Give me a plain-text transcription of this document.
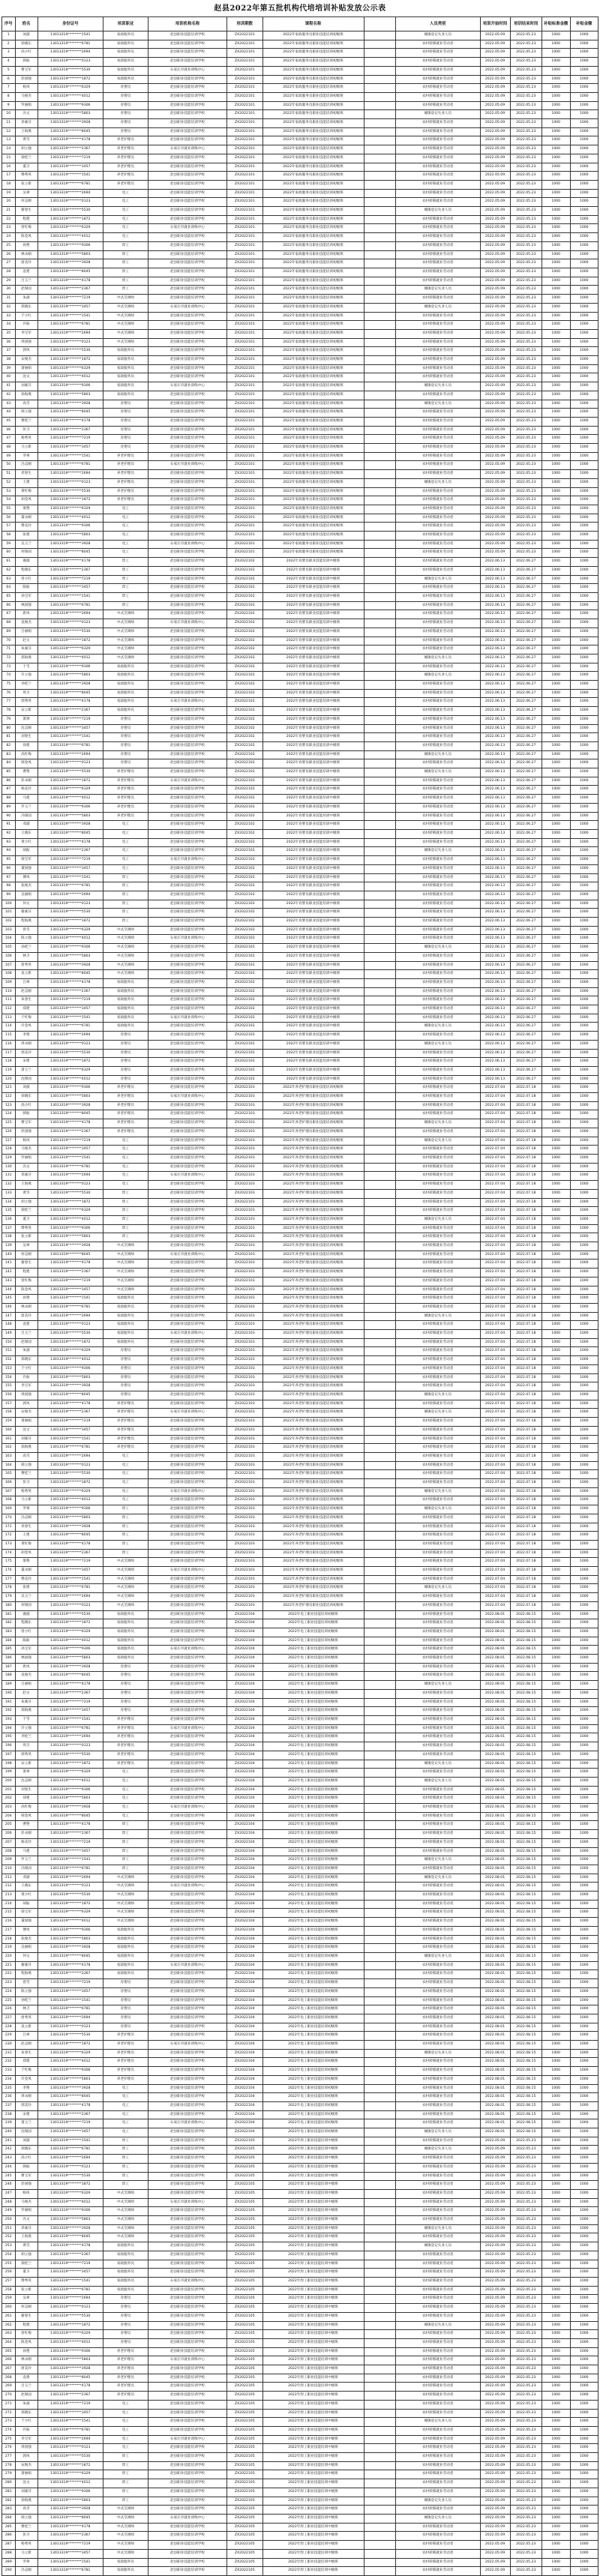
赵县2022年第五批机构代培培训补贴发放公示表
序号	姓名	身份证号	培训职业	培训机构名称	培训期数	课程名称		人员类别	培训开始时间	培训结束时间	补贴标准金额	补贴金额
1	刘淑	13013319********1541	家政服务员	赵县职业技能培训学校	ZX2022101	2022年家政服务员职业技能培训初级班		城镇登记失业人员	2022.05.09	2022.05.23	1000	1000
2	徐晓东	13013319********6781	家政服务员	赵县职业技能培训学校	ZX2022101	2022年家政服务员职业技能培训初级班		农村转移就业劳动者	2022.05.09	2022.05.23	1000	1000
3	高小红	13013319********2694	家政服务员	赵县职业技能培训学校	ZX2022101	2022年家政服务员职业技能培训初级班		农村转移就业劳动者	2022.05.09	2022.05.23	1000	1000
4	韩振	13013319********0123	家政服务员	赵县职业技能培训学校	ZX2022101	2022年家政服务员职业技能培训初级班		农村转移就业劳动者	2022.05.09	2022.05.23	1000	1000
5	曹宝军	13013319********5530	家政服务员	石家庄市就业训练中心	ZX2022101	2022年家政服务员职业技能培训初级班		农村转移就业劳动者	2022.05.09	2022.05.23	1000	1000
6	彭国强	13013319********1872	家政服务员	赵县职业技能培训学校	ZX2022101	2022年家政服务员职业技能培训初级班		农村转移就业劳动者	2022.05.09	2022.05.23	1000	1000
7	杨凤	13013319********6329	育婴员	赵县职业技能培训学校	ZX2022101	2022年家政服务员职业技能培训初级班		农村转移就业劳动者	2022.05.09	2022.05.23	1000	1000
8	马俊杰	13013319********4012	育婴员	赵县职业技能培训学校	ZX2022101	2022年家政服务员职业技能培训初级班		农村转移就业劳动者	2022.05.09	2022.05.23	1000	1000
9	罗丽娟	13013319********9306	育婴员	赵县职业技能培训学校	ZX2022101	2022年家政服务员职业技能培训初级班		农村转移就业劳动者	2022.05.09	2022.05.23	1000	1000
10	冯文	13013319********5803	育婴员	赵县职业技能培训学校	ZX2022101	2022年家政服务员职业技能培训初级班		城镇登记失业人员	2022.05.09	2022.05.23	1000	1000
11	邓素芬	13013319********3928	育婴员	赵县职业技能培训学校	ZX2022101	2022年家政服务员职业技能培训初级班		农村转移就业劳动者	2022.05.09	2022.05.23	1000	1000
12	王海燕	13013319********8045	育婴员	赵县职业技能培训学校	ZX2022101	2022年家政服务员职业技能培训初级班		农村转移就业劳动者	2022.05.09	2022.05.23	1000	1000
13	黄雪	13013319********4178	养老护理员	赵县职业技能培训学校	ZX2022101	2022年家政服务员职业技能培训初级班		农村转移就业劳动者	2022.05.09	2022.05.23	1000	1000
14	胡立强	13013319********2367	养老护理员	石家庄市就业训练中心	ZX2022101	2022年家政服务员职业技能培训初级班		农村转移就业劳动者	2022.05.09	2022.05.23	1000	1000
15	梁桂兰	13013319********7219	养老护理员	赵县职业技能培训学校	ZX2022101	2022年家政服务员职业技能培训初级班		农村转移就业劳动者	2022.05.09	2022.05.23	1000	1000
16	董卫	13013319********3457	养老护理员	赵县职业技能培训学校	ZX2022101	2022年家政服务员职业技能培训初级班		农村转移就业劳动者	2022.05.09	2022.05.23	1000	1000
17	傅秀英	13013319********1541	养老护理员	赵县职业技能培训学校	ZX2022101	2022年家政服务员职业技能培训初级班		农村转移就业劳动者	2022.05.09	2022.05.23	1000	1000
18	张立新	13013319********6781	养老护理员	赵县职业技能培训学校	ZX2022101	2022年家政服务员职业技能培训初级班		农村转移就业劳动者	2022.05.09	2022.05.23	1000	1000
19	吴翠	13013319********2694	电工	赵县职业技能培训学校	ZX2022101	2022年家政服务员职业技能培训初级班		农村转移就业劳动者	2022.05.09	2022.05.23	1000	1000
20	何志刚	13013319********0123	电工	赵县职业技能培训学校	ZX2022101	2022年家政服务员职业技能培训初级班		农村转移就业劳动者	2022.05.09	2022.05.23	1000	1000
21	谢春生	13013319********5530	电工	赵县职业技能培训学校	ZX2022101	2022年家政服务员职业技能培训初级班		城镇登记失业人员	2022.05.09	2022.05.23	1000	1000
22	程建	13013319********1872	电工	赵县职业技能培训学校	ZX2022101	2022年家政服务员职业技能培训初级班		农村转移就业劳动者	2022.05.09	2022.05.23	1000	1000
23	曾红梅	13013319********6329	电工	石家庄市就业训练中心	ZX2022101	2022年家政服务员职业技能培训初级班		农村转移就业劳动者	2022.05.09	2022.05.23	1000	1000
24	陈金凤	13013319********4012	电工	赵县职业技能培训学校	ZX2022101	2022年家政服务员职业技能培训初级班		农村转移就业劳动者	2022.05.09	2022.05.23	1000	1000
25	孙艳	13013319********9306	焊工	赵县职业技能培训学校	ZX2022101	2022年家政服务员职业技能培训初级班		农村转移就业劳动者	2022.05.09	2022.05.23	1000	1000
26	林永刚	13013319********5803	焊工	赵县职业技能培训学校	ZX2022101	2022年家政服务员职业技能培训初级班		农村转移就业劳动者	2022.05.09	2022.05.23	1000	1000
27	唐美玲	13013319********3928	焊工	赵县职业技能培训学校	ZX2022101	2022年家政服务员职业技能培训初级班		农村转移就业劳动者	2022.05.09	2022.05.23	1000	1000
28	袁建	13013319********8045	焊工	赵县职业技能培训学校	ZX2022101	2022年家政服务员职业技能培训初级班		农村转移就业劳动者	2022.05.09	2022.05.23	1000	1000
29	吕玉兰	13013319********4178	焊工	赵县职业技能培训学校	ZX2022101	2022年家政服务员职业技能培训初级班		农村转移就业劳动者	2022.05.09	2022.05.23	1000	1000
30	赵保国	13013319********2367	焊工	赵县职业技能培训学校	ZX2022101	2022年家政服务员职业技能培训初级班		城镇登记失业人员	2022.05.09	2022.05.23	1000	1000
31	朱淑	13013319********7219	中式烹调师	赵县职业技能培训学校	ZX2022101	2022年家政服务员职业技能培训初级班		农村转移就业劳动者	2022.05.09	2022.05.23	1000	1000
32	郑晓东	13013319********3457	中式烹调师	石家庄市就业训练中心	ZX2022101	2022年家政服务员职业技能培训初级班		城镇登记失业人员	2022.05.09	2022.05.23	1000	1000
33	于小红	13013319********1541	中式烹调师	赵县职业技能培训学校	ZX2022101	2022年家政服务员职业技能培训初级班		农村转移就业劳动者	2022.05.09	2022.05.23	1000	1000
34	许振	13013319********6781	中式烹调师	赵县职业技能培训学校	ZX2022101	2022年家政服务员职业技能培训初级班		农村转移就业劳动者	2022.05.09	2022.05.23	1000	1000
35	李宝军	13013319********2694	中式烹调师	赵县职业技能培训学校	ZX2022101	2022年家政服务员职业技能培训初级班		农村转移就业劳动者	2022.05.09	2022.05.23	1000	1000
36	周国强	13013319********0123	中式烹调师	赵县职业技能培训学校	ZX2022101	2022年家政服务员职业技能培训初级班		农村转移就业劳动者	2022.05.09	2022.05.23	1000	1000
37	郭凤	13013319********5530	家政服务员	赵县职业技能培训学校	ZX2022101	2022年家政服务员职业技能培训初级班		农村转移就业劳动者	2022.05.09	2022.05.23	1000	1000
38	宋俊杰	13013319********1872	家政服务员	赵县职业技能培训学校	ZX2022101	2022年家政服务员职业技能培训初级班		农村转移就业劳动者	2022.05.09	2022.05.23	1000	1000
39	萧丽娟	13013319********6329	家政服务员	赵县职业技能培训学校	ZX2022101	2022年家政服务员职业技能培训初级班		农村转移就业劳动者	2022.05.09	2022.05.23	1000	1000
40	沈文	13013319********4012	家政服务员	赵县职业技能培训学校	ZX2022101	2022年家政服务员职业技能培训初级班		农村转移就业劳动者	2022.05.09	2022.05.23	1000	1000
41	刘素芬	13013319********9306	家政服务员	石家庄市就业训练中心	ZX2022101	2022年家政服务员职业技能培训初级班		城镇登记失业人员	2022.05.09	2022.05.23	1000	1000
42	徐海燕	13013319********5803	家政服务员	赵县职业技能培训学校	ZX2022101	2022年家政服务员职业技能培训初级班		农村转移就业劳动者	2022.05.09	2022.05.23	1000	1000
43	高雪	13013319********3928	育婴员	赵县职业技能培训学校	ZX2022101	2022年家政服务员职业技能培训初级班		城镇登记失业人员	2022.05.09	2022.05.23	1000	1000
44	韩立强	13013319********8045	育婴员	赵县职业技能培训学校	ZX2022101	2022年家政服务员职业技能培训初级班		农村转移就业劳动者	2022.05.09	2022.05.23	1000	1000
45	曹桂兰	13013319********4178	育婴员	赵县职业技能培训学校	ZX2022101	2022年家政服务员职业技能培训初级班		农村转移就业劳动者	2022.05.09	2022.05.23	1000	1000
46	彭卫	13013319********2367	育婴员	赵县职业技能培训学校	ZX2022101	2022年家政服务员职业技能培训初级班		农村转移就业劳动者	2022.05.09	2022.05.23	1000	1000
47	杨秀英	13013319********7219	育婴员	赵县职业技能培训学校	ZX2022101	2022年家政服务员职业技能培训初级班		农村转移就业劳动者	2022.05.09	2022.05.23	1000	1000
48	马立新	13013319********3457	育婴员	赵县职业技能培训学校	ZX2022101	2022年家政服务员职业技能培训初级班		农村转移就业劳动者	2022.05.09	2022.05.23	1000	1000
49	罗翠	13013319********1541	养老护理员	赵县职业技能培训学校	ZX2022101	2022年家政服务员职业技能培训初级班		农村转移就业劳动者	2022.05.09	2022.05.23	1000	1000
50	冯志刚	13013319********6781	养老护理员	石家庄市就业训练中心	ZX2022101	2022年家政服务员职业技能培训初级班		农村转移就业劳动者	2022.05.09	2022.05.23	1000	1000
51	邓春生	13013319********2694	养老护理员	赵县职业技能培训学校	ZX2022101	2022年家政服务员职业技能培训初级班		农村转移就业劳动者	2022.05.09	2022.05.23	1000	1000
52	王建	13013319********0123	养老护理员	赵县职业技能培训学校	ZX2022101	2022年家政服务员职业技能培训初级班		城镇登记失业人员	2022.05.09	2022.05.23	1000	1000
53	黄红梅	13013319********5530	养老护理员	赵县职业技能培训学校	ZX2022101	2022年家政服务员职业技能培训初级班		农村转移就业劳动者	2022.05.09	2022.05.23	1000	1000
54	胡金凤	13013319********1872	养老护理员	赵县职业技能培训学校	ZX2022101	2022年家政服务员职业技能培训初级班		农村转移就业劳动者	2022.05.09	2022.05.23	1000	1000
55	梁艳	13013319********6329	电工	赵县职业技能培训学校	ZX2022101	2022年家政服务员职业技能培训初级班		农村转移就业劳动者	2022.05.09	2022.05.23	1000	1000
56	董永刚	13013319********4012	电工	赵县职业技能培训学校	ZX2022101	2022年家政服务员职业技能培训初级班		农村转移就业劳动者	2022.05.09	2022.05.23	1000	1000
57	傅美玲	13013319********9306	电工	赵县职业技能培训学校	ZX2022101	2022年家政服务员职业技能培训初级班		农村转移就业劳动者	2022.05.09	2022.05.23	1000	1000
58	张建	13013319********5803	电工	赵县职业技能培训学校	ZX2022101	2022年家政服务员职业技能培训初级班		农村转移就业劳动者	2022.05.09	2022.05.23	1000	1000
59	吴玉兰	13013319********3928	电工	石家庄市就业训练中心	ZX2022101	2022年家政服务员职业技能培训初级班		农村转移就业劳动者	2022.05.09	2022.05.23	1000	1000
60	何保国	13013319********8045	电工	赵县职业技能培训学校	ZX2022101	2022年家政服务员职业技能培训初级班		农村转移就业劳动者	2022.05.09	2022.05.23	1000	1000
61	谢淑	13013319********4178	焊工	赵县职业技能培训学校	ZX2022102	2022年育婴员职业技能培训中级班		农村转移就业劳动者	2022.06.13	2022.06.27	1000	1000
62	程晓东	13013319********2367	焊工	赵县职业技能培训学校	ZX2022102	2022年育婴员职业技能培训中级班		农村转移就业劳动者	2022.06.13	2022.06.27	1000	1000
63	曾小红	13013319********7219	焊工	赵县职业技能培训学校	ZX2022102	2022年育婴员职业技能培训中级班		城镇登记失业人员	2022.06.13	2022.06.27	1000	1000
64	陈振	13013319********3457	焊工	赵县职业技能培训学校	ZX2022102	2022年育婴员职业技能培训中级班		农村转移就业劳动者	2022.06.13	2022.06.27	1000	1000
65	孙宝军	13013319********1541	焊工	赵县职业技能培训学校	ZX2022102	2022年育婴员职业技能培训中级班		农村转移就业劳动者	2022.06.13	2022.06.27	1000	1000
66	林国强	13013319********6781	焊工	赵县职业技能培训学校	ZX2022102	2022年育婴员职业技能培训中级班		农村转移就业劳动者	2022.06.13	2022.06.27	1000	1000
67	唐凤	13013319********2694	中式烹调师	赵县职业技能培训学校	ZX2022102	2022年育婴员职业技能培训中级班		农村转移就业劳动者	2022.06.13	2022.06.27	1000	1000
68	袁俊杰	13013319********0123	中式烹调师	石家庄市就业训练中心	ZX2022102	2022年育婴员职业技能培训中级班		农村转移就业劳动者	2022.06.13	2022.06.27	1000	1000
69	吕丽娟	13013319********5530	中式烹调师	赵县职业技能培训学校	ZX2022102	2022年育婴员职业技能培训中级班		农村转移就业劳动者	2022.06.13	2022.06.27	1000	1000
70	赵文	13013319********1872	中式烹调师	赵县职业技能培训学校	ZX2022102	2022年育婴员职业技能培训中级班		农村转移就业劳动者	2022.06.13	2022.06.27	1000	1000
71	朱素芬	13013319********6329	中式烹调师	赵县职业技能培训学校	ZX2022102	2022年育婴员职业技能培训中级班		农村转移就业劳动者	2022.06.13	2022.06.27	1000	1000
72	郑海燕	13013319********4012	中式烹调师	赵县职业技能培训学校	ZX2022102	2022年育婴员职业技能培训中级班		城镇登记失业人员	2022.06.13	2022.06.27	1000	1000
73	于雪	13013319********9306	家政服务员	赵县职业技能培训学校	ZX2022102	2022年育婴员职业技能培训中级班		农村转移就业劳动者	2022.06.13	2022.06.27	1000	1000
74	许立强	13013319********5803	家政服务员	赵县职业技能培训学校	ZX2022102	2022年育婴员职业技能培训中级班		城镇登记失业人员	2022.06.13	2022.06.27	1000	1000
75	李桂兰	13013319********3928	家政服务员	赵县职业技能培训学校	ZX2022102	2022年育婴员职业技能培训中级班		农村转移就业劳动者	2022.06.13	2022.06.27	1000	1000
76	周卫	13013319********8045	家政服务员	赵县职业技能培训学校	ZX2022102	2022年育婴员职业技能培训中级班		农村转移就业劳动者	2022.06.13	2022.06.27	1000	1000
77	郭秀英	13013319********4178	家政服务员	石家庄市就业训练中心	ZX2022102	2022年育婴员职业技能培训中级班		农村转移就业劳动者	2022.06.13	2022.06.27	1000	1000
78	宋立新	13013319********2367	家政服务员	赵县职业技能培训学校	ZX2022102	2022年育婴员职业技能培训中级班		农村转移就业劳动者	2022.06.13	2022.06.27	1000	1000
79	萧翠	13013319********7219	育婴员	赵县职业技能培训学校	ZX2022102	2022年育婴员职业技能培训中级班		农村转移就业劳动者	2022.06.13	2022.06.27	1000	1000
80	沈志刚	13013319********3457	育婴员	赵县职业技能培训学校	ZX2022102	2022年育婴员职业技能培训中级班		农村转移就业劳动者	2022.06.13	2022.06.27	1000	1000
81	刘春生	13013319********1541	育婴员	赵县职业技能培训学校	ZX2022102	2022年育婴员职业技能培训中级班		农村转移就业劳动者	2022.06.13	2022.06.27	1000	1000
82	徐建	13013319********6781	育婴员	赵县职业技能培训学校	ZX2022102	2022年育婴员职业技能培训中级班		农村转移就业劳动者	2022.06.13	2022.06.27	1000	1000
83	高红梅	13013319********2694	育婴员	赵县职业技能培训学校	ZX2022102	2022年育婴员职业技能培训中级班		城镇登记失业人员	2022.06.13	2022.06.27	1000	1000
84	韩金凤	13013319********0123	育婴员	赵县职业技能培训学校	ZX2022102	2022年育婴员职业技能培训中级班		农村转移就业劳动者	2022.06.13	2022.06.27	1000	1000
85	曹艳	13013319********5530	养老护理员	赵县职业技能培训学校	ZX2022102	2022年育婴员职业技能培训中级班		城镇登记失业人员	2022.06.13	2022.06.27	1000	1000
86	彭永刚	13013319********1872	养老护理员	石家庄市就业训练中心	ZX2022102	2022年育婴员职业技能培训中级班		农村转移就业劳动者	2022.06.13	2022.06.27	1000	1000
87	杨美玲	13013319********6329	养老护理员	赵县职业技能培训学校	ZX2022102	2022年育婴员职业技能培训中级班		农村转移就业劳动者	2022.06.13	2022.06.27	1000	1000
88	马建	13013319********4012	养老护理员	赵县职业技能培训学校	ZX2022102	2022年育婴员职业技能培训中级班		农村转移就业劳动者	2022.06.13	2022.06.27	1000	1000
89	罗玉兰	13013319********9306	养老护理员	赵县职业技能培训学校	ZX2022102	2022年育婴员职业技能培训中级班		农村转移就业劳动者	2022.06.13	2022.06.27	1000	1000
90	冯保国	13013319********5803	养老护理员	赵县职业技能培训学校	ZX2022102	2022年育婴员职业技能培训中级班		农村转移就业劳动者	2022.06.13	2022.06.27	1000	1000
91	邓淑	13013319********3928	电工	赵县职业技能培训学校	ZX2022102	2022年育婴员职业技能培训中级班		农村转移就业劳动者	2022.06.13	2022.06.27	1000	1000
92	王晓东	13013319********8045	电工	赵县职业技能培训学校	ZX2022102	2022年育婴员职业技能培训中级班		农村转移就业劳动者	2022.06.13	2022.06.27	1000	1000
93	黄小红	13013319********4178	电工	赵县职业技能培训学校	ZX2022102	2022年育婴员职业技能培训中级班		农村转移就业劳动者	2022.06.13	2022.06.27	1000	1000
94	胡振	13013319********2367	电工	赵县职业技能培训学校	ZX2022102	2022年育婴员职业技能培训中级班		城镇登记失业人员	2022.06.13	2022.06.27	1000	1000
95	梁宝军	13013319********7219	电工	石家庄市就业训练中心	ZX2022102	2022年育婴员职业技能培训中级班		农村转移就业劳动者	2022.06.13	2022.06.27	1000	1000
96	董国强	13013319********3457	电工	赵县职业技能培训学校	ZX2022102	2022年育婴员职业技能培训中级班		农村转移就业劳动者	2022.06.13	2022.06.27	1000	1000
97	傅凤	13013319********1541	焊工	赵县职业技能培训学校	ZX2022102	2022年育婴员职业技能培训中级班		农村转移就业劳动者	2022.06.13	2022.06.27	1000	1000
98	张俊杰	13013319********6781	焊工	赵县职业技能培训学校	ZX2022102	2022年育婴员职业技能培训中级班		农村转移就业劳动者	2022.06.13	2022.06.27	1000	1000
99	吴丽娟	13013319********2694	焊工	赵县职业技能培训学校	ZX2022102	2022年育婴员职业技能培训中级班		农村转移就业劳动者	2022.06.13	2022.06.27	1000	1000
100	何文	13013319********0123	焊工	赵县职业技能培训学校	ZX2022102	2022年育婴员职业技能培训中级班		农村转移就业劳动者	2022.06.13	2022.06.27	1000	1000
101	谢素芬	13013319********5530	焊工	赵县职业技能培训学校	ZX2022102	2022年育婴员职业技能培训中级班		农村转移就业劳动者	2022.06.13	2022.06.27	1000	1000
102	程海燕	13013319********1872	焊工	赵县职业技能培训学校	ZX2022102	2022年育婴员职业技能培训中级班		农村转移就业劳动者	2022.06.13	2022.06.27	1000	1000
103	曾雪	13013319********6329	中式烹调师	赵县职业技能培训学校	ZX2022102	2022年育婴员职业技能培训中级班		农村转移就业劳动者	2022.06.13	2022.06.27	1000	1000
104	陈立强	13013319********4012	中式烹调师	石家庄市就业训练中心	ZX2022102	2022年育婴员职业技能培训中级班		农村转移就业劳动者	2022.06.13	2022.06.27	1000	1000
105	孙桂兰	13013319********9306	中式烹调师	赵县职业技能培训学校	ZX2022102	2022年育婴员职业技能培训中级班		城镇登记失业人员	2022.06.13	2022.06.27	1000	1000
106	林卫	13013319********5803	中式烹调师	赵县职业技能培训学校	ZX2022102	2022年育婴员职业技能培训中级班		农村转移就业劳动者	2022.06.13	2022.06.27	1000	1000
107	唐秀英	13013319********3928	中式烹调师	赵县职业技能培训学校	ZX2022102	2022年育婴员职业技能培训中级班		农村转移就业劳动者	2022.06.13	2022.06.27	1000	1000
108	袁立新	13013319********8045	中式烹调师	赵县职业技能培训学校	ZX2022102	2022年育婴员职业技能培训中级班		农村转移就业劳动者	2022.06.13	2022.06.27	1000	1000
109	吕翠	13013319********4178	家政服务员	赵县职业技能培训学校	ZX2022102	2022年育婴员职业技能培训中级班		农村转移就业劳动者	2022.06.13	2022.06.27	1000	1000
110	赵志刚	13013319********2367	家政服务员	赵县职业技能培训学校	ZX2022102	2022年育婴员职业技能培训中级班		农村转移就业劳动者	2022.06.13	2022.06.27	1000	1000
111	朱春生	13013319********7219	家政服务员	赵县职业技能培训学校	ZX2022102	2022年育婴员职业技能培训中级班		农村转移就业劳动者	2022.06.13	2022.06.27	1000	1000
112	郑建	13013319********3457	家政服务员	赵县职业技能培训学校	ZX2022102	2022年育婴员职业技能培训中级班		农村转移就业劳动者	2022.06.13	2022.06.27	1000	1000
113	于红梅	13013319********1541	家政服务员	石家庄市就业训练中心	ZX2022102	2022年育婴员职业技能培训中级班		农村转移就业劳动者	2022.06.13	2022.06.27	1000	1000
114	许金凤	13013319********6781	家政服务员	赵县职业技能培训学校	ZX2022102	2022年育婴员职业技能培训中级班		城镇登记失业人员	2022.06.13	2022.06.27	1000	1000
115	李艳	13013319********2694	育婴员	赵县职业技能培训学校	ZX2022102	2022年育婴员职业技能培训中级班		农村转移就业劳动者	2022.06.13	2022.06.27	1000	1000
116	周永刚	13013319********0123	育婴员	赵县职业技能培训学校	ZX2022102	2022年育婴员职业技能培训中级班		城镇登记失业人员	2022.06.13	2022.06.27	1000	1000
117	郭美玲	13013319********5530	育婴员	赵县职业技能培训学校	ZX2022102	2022年育婴员职业技能培训中级班		农村转移就业劳动者	2022.06.13	2022.06.27	1000	1000
118	宋建	13013319********1872	育婴员	赵县职业技能培训学校	ZX2022102	2022年育婴员职业技能培训中级班		农村转移就业劳动者	2022.06.13	2022.06.27	1000	1000
119	萧玉兰	13013319********6329	育婴员	赵县职业技能培训学校	ZX2022102	2022年育婴员职业技能培训中级班		农村转移就业劳动者	2022.06.13	2022.06.27	1000	1000
120	沈保国	13013319********4012	育婴员	赵县职业技能培训学校	ZX2022102	2022年育婴员职业技能培训中级班		农村转移就业劳动者	2022.06.13	2022.06.27	1000	1000
121	刘淑	13013319********9306	养老护理员	赵县职业技能培训学校	ZX2022103	2022年养老护理员职业技能培训初级班		农村转移就业劳动者	2022.07.04	2022.07.18	1000	1000
122	徐晓东	13013319********5803	养老护理员	石家庄市就业训练中心	ZX2022103	2022年养老护理员职业技能培训初级班		农村转移就业劳动者	2022.07.04	2022.07.18	1000	1000
123	高小红	13013319********3928	养老护理员	赵县职业技能培训学校	ZX2022103	2022年养老护理员职业技能培训初级班		农村转移就业劳动者	2022.07.04	2022.07.18	1000	1000
124	韩振	13013319********8045	养老护理员	赵县职业技能培训学校	ZX2022103	2022年养老护理员职业技能培训初级班		农村转移就业劳动者	2022.07.04	2022.07.18	1000	1000
125	曹宝军	13013319********4178	养老护理员	赵县职业技能培训学校	ZX2022103	2022年养老护理员职业技能培训初级班		城镇登记失业人员	2022.07.04	2022.07.18	1000	1000
126	彭国强	13013319********2367	养老护理员	赵县职业技能培训学校	ZX2022103	2022年养老护理员职业技能培训初级班		农村转移就业劳动者	2022.07.04	2022.07.18	1000	1000
127	杨凤	13013319********7219	电工	赵县职业技能培训学校	ZX2022103	2022年养老护理员职业技能培训初级班		城镇登记失业人员	2022.07.04	2022.07.18	1000	1000
128	马俊杰	13013319********3457	电工	赵县职业技能培训学校	ZX2022103	2022年养老护理员职业技能培训初级班		农村转移就业劳动者	2022.07.04	2022.07.18	1000	1000
129	罗丽娟	13013319********1541	电工	赵县职业技能培训学校	ZX2022103	2022年养老护理员职业技能培训初级班		农村转移就业劳动者	2022.07.04	2022.07.18	1000	1000
130	冯文	13013319********6781	电工	赵县职业技能培训学校	ZX2022103	2022年养老护理员职业技能培训初级班		农村转移就业劳动者	2022.07.04	2022.07.18	1000	1000
131	邓素芬	13013319********2694	电工	石家庄市就业训练中心	ZX2022103	2022年养老护理员职业技能培训初级班		农村转移就业劳动者	2022.07.04	2022.07.18	1000	1000
132	王海燕	13013319********0123	电工	赵县职业技能培训学校	ZX2022103	2022年养老护理员职业技能培训初级班		农村转移就业劳动者	2022.07.04	2022.07.18	1000	1000
133	黄雪	13013319********5530	焊工	赵县职业技能培训学校	ZX2022103	2022年养老护理员职业技能培训初级班		农村转移就业劳动者	2022.07.04	2022.07.18	1000	1000
134	胡立强	13013319********1872	焊工	赵县职业技能培训学校	ZX2022103	2022年养老护理员职业技能培训初级班		农村转移就业劳动者	2022.07.04	2022.07.18	1000	1000
135	梁桂兰	13013319********6329	焊工	赵县职业技能培训学校	ZX2022103	2022年养老护理员职业技能培训初级班		农村转移就业劳动者	2022.07.04	2022.07.18	1000	1000
136	董卫	13013319********4012	焊工	赵县职业技能培训学校	ZX2022103	2022年养老护理员职业技能培训初级班		城镇登记失业人员	2022.07.04	2022.07.18	1000	1000
137	傅秀英	13013319********9306	焊工	赵县职业技能培训学校	ZX2022103	2022年养老护理员职业技能培训初级班		农村转移就业劳动者	2022.07.04	2022.07.18	1000	1000
138	张立新	13013319********5803	焊工	赵县职业技能培训学校	ZX2022103	2022年养老护理员职业技能培训初级班		农村转移就业劳动者	2022.07.04	2022.07.18	1000	1000
139	吴翠	13013319********3928	中式烹调师	赵县职业技能培训学校	ZX2022103	2022年养老护理员职业技能培训初级班		农村转移就业劳动者	2022.07.04	2022.07.18	1000	1000
140	何志刚	13013319********8045	中式烹调师	石家庄市就业训练中心	ZX2022103	2022年养老护理员职业技能培训初级班		农村转移就业劳动者	2022.07.04	2022.07.18	1000	1000
141	谢春生	13013319********4178	中式烹调师	赵县职业技能培训学校	ZX2022103	2022年养老护理员职业技能培训初级班		农村转移就业劳动者	2022.07.04	2022.07.18	1000	1000
142	程建	13013319********2367	中式烹调师	赵县职业技能培训学校	ZX2022103	2022年养老护理员职业技能培训初级班		农村转移就业劳动者	2022.07.04	2022.07.18	1000	1000
143	曾红梅	13013319********7219	中式烹调师	赵县职业技能培训学校	ZX2022103	2022年养老护理员职业技能培训初级班		农村转移就业劳动者	2022.07.04	2022.07.18	1000	1000
144	陈金凤	13013319********3457	中式烹调师	赵县职业技能培训学校	ZX2022103	2022年养老护理员职业技能培训初级班		农村转移就业劳动者	2022.07.04	2022.07.18	1000	1000
145	孙艳	13013319********1541	家政服务员	赵县职业技能培训学校	ZX2022103	2022年养老护理员职业技能培训初级班		农村转移就业劳动者	2022.07.04	2022.07.18	1000	1000
146	林永刚	13013319********6781	家政服务员	赵县职业技能培训学校	ZX2022103	2022年养老护理员职业技能培训初级班		农村转移就业劳动者	2022.07.04	2022.07.18	1000	1000
147	唐美玲	13013319********2694	家政服务员	赵县职业技能培训学校	ZX2022103	2022年养老护理员职业技能培训初级班		城镇登记失业人员	2022.07.04	2022.07.18	1000	1000
148	袁建	13013319********0123	家政服务员	赵县职业技能培训学校	ZX2022103	2022年养老护理员职业技能培训初级班		农村转移就业劳动者	2022.07.04	2022.07.18	1000	1000
149	吕玉兰	13013319********5530	家政服务员	石家庄市就业训练中心	ZX2022103	2022年养老护理员职业技能培训初级班		农村转移就业劳动者	2022.07.04	2022.07.18	1000	1000
150	赵保国	13013319********1872	家政服务员	赵县职业技能培训学校	ZX2022103	2022年养老护理员职业技能培训初级班		农村转移就业劳动者	2022.07.04	2022.07.18	1000	1000
151	朱淑	13013319********6329	育婴员	赵县职业技能培训学校	ZX2022103	2022年养老护理员职业技能培训初级班		农村转移就业劳动者	2022.07.04	2022.07.18	1000	1000
152	郑晓东	13013319********4012	育婴员	赵县职业技能培训学校	ZX2022103	2022年养老护理员职业技能培训初级班		农村转移就业劳动者	2022.07.04	2022.07.18	1000	1000
153	于小红	13013319********9306	育婴员	赵县职业技能培训学校	ZX2022103	2022年养老护理员职业技能培训初级班		农村转移就业劳动者	2022.07.04	2022.07.18	1000	1000
154	许振	13013319********5803	育婴员	赵县职业技能培训学校	ZX2022103	2022年养老护理员职业技能培训初级班		农村转移就业劳动者	2022.07.04	2022.07.18	1000	1000
155	李宝军	13013319********3928	育婴员	赵县职业技能培训学校	ZX2022103	2022年养老护理员职业技能培训初级班		农村转移就业劳动者	2022.07.04	2022.07.18	1000	1000
156	周国强	13013319********8045	育婴员	赵县职业技能培训学校	ZX2022103	2022年养老护理员职业技能培训初级班		城镇登记失业人员	2022.07.04	2022.07.18	1000	1000
157	郭凤	13013319********4178	养老护理员	赵县职业技能培训学校	ZX2022103	2022年养老护理员职业技能培训初级班		农村转移就业劳动者	2022.07.04	2022.07.18	1000	1000
158	宋俊杰	13013319********2367	养老护理员	石家庄市就业训练中心	ZX2022103	2022年养老护理员职业技能培训初级班		城镇登记失业人员	2022.07.04	2022.07.18	1000	1000
159	萧丽娟	13013319********7219	养老护理员	赵县职业技能培训学校	ZX2022103	2022年养老护理员职业技能培训初级班		农村转移就业劳动者	2022.07.04	2022.07.18	1000	1000
160	沈文	13013319********3457	养老护理员	赵县职业技能培训学校	ZX2022103	2022年养老护理员职业技能培训初级班		农村转移就业劳动者	2022.07.04	2022.07.18	1000	1000
161	刘素芬	13013319********1541	养老护理员	赵县职业技能培训学校	ZX2022103	2022年养老护理员职业技能培训初级班		农村转移就业劳动者	2022.07.04	2022.07.18	1000	1000
162	徐海燕	13013319********6781	养老护理员	赵县职业技能培训学校	ZX2022103	2022年养老护理员职业技能培训初级班		农村转移就业劳动者	2022.07.04	2022.07.18	1000	1000
163	高雪	13013319********2694	电工	赵县职业技能培训学校	ZX2022103	2022年养老护理员职业技能培训初级班		农村转移就业劳动者	2022.07.04	2022.07.18	1000	1000
164	韩立强	13013319********0123	电工	赵县职业技能培训学校	ZX2022103	2022年养老护理员职业技能培训初级班		农村转移就业劳动者	2022.07.04	2022.07.18	1000	1000
165	曹桂兰	13013319********5530	电工	赵县职业技能培训学校	ZX2022103	2022年养老护理员职业技能培训初级班		农村转移就业劳动者	2022.07.04	2022.07.18	1000	1000
166	彭卫	13013319********1872	电工	赵县职业技能培训学校	ZX2022103	2022年养老护理员职业技能培训初级班		农村转移就业劳动者	2022.07.04	2022.07.18	1000	1000
167	杨秀英	13013319********6329	电工	石家庄市就业训练中心	ZX2022103	2022年养老护理员职业技能培训初级班		城镇登记失业人员	2022.07.04	2022.07.18	1000	1000
168	马立新	13013319********4012	电工	赵县职业技能培训学校	ZX2022103	2022年养老护理员职业技能培训初级班		农村转移就业劳动者	2022.07.04	2022.07.18	1000	1000
169	罗翠	13013319********9306	焊工	赵县职业技能培训学校	ZX2022103	2022年养老护理员职业技能培训初级班		城镇登记失业人员	2022.07.04	2022.07.18	1000	1000
170	冯志刚	13013319********5803	焊工	赵县职业技能培训学校	ZX2022103	2022年养老护理员职业技能培训初级班		农村转移就业劳动者	2022.07.04	2022.07.18	1000	1000
171	邓春生	13013319********3928	焊工	赵县职业技能培训学校	ZX2022103	2022年养老护理员职业技能培训初级班		农村转移就业劳动者	2022.07.04	2022.07.18	1000	1000
172	王建	13013319********8045	焊工	赵县职业技能培训学校	ZX2022103	2022年养老护理员职业技能培训初级班		农村转移就业劳动者	2022.07.04	2022.07.18	1000	1000
173	黄红梅	13013319********4178	焊工	赵县职业技能培训学校	ZX2022103	2022年养老护理员职业技能培训初级班		农村转移就业劳动者	2022.07.04	2022.07.18	1000	1000
174	胡金凤	13013319********2367	焊工	赵县职业技能培训学校	ZX2022103	2022年养老护理员职业技能培训初级班		农村转移就业劳动者	2022.07.04	2022.07.18	1000	1000
175	梁艳	13013319********7219	中式烹调师	赵县职业技能培训学校	ZX2022103	2022年养老护理员职业技能培训初级班		农村转移就业劳动者	2022.07.04	2022.07.18	1000	1000
176	董永刚	13013319********3457	中式烹调师	石家庄市就业训练中心	ZX2022103	2022年养老护理员职业技能培训初级班		农村转移就业劳动者	2022.07.04	2022.07.18	1000	1000
177	傅美玲	13013319********1541	中式烹调师	赵县职业技能培训学校	ZX2022103	2022年养老护理员职业技能培训初级班		农村转移就业劳动者	2022.07.04	2022.07.18	1000	1000
178	张建	13013319********6781	中式烹调师	赵县职业技能培训学校	ZX2022103	2022年养老护理员职业技能培训初级班		城镇登记失业人员	2022.07.04	2022.07.18	1000	1000
179	吴玉兰	13013319********2694	中式烹调师	赵县职业技能培训学校	ZX2022103	2022年养老护理员职业技能培训初级班		农村转移就业劳动者	2022.07.04	2022.07.18	1000	1000
180	何保国	13013319********0123	中式烹调师	赵县职业技能培训学校	ZX2022103	2022年养老护理员职业技能培训初级班		农村转移就业劳动者	2022.07.04	2022.07.18	1000	1000
181	谢淑	13013319********5530	家政服务员	赵县职业技能培训学校	ZX2022104	2022年电工职业技能培训初级班		农村转移就业劳动者	2022.08.01	2022.08.15	1000	1000
182	程晓东	13013319********1872	家政服务员	赵县职业技能培训学校	ZX2022104	2022年电工职业技能培训初级班		农村转移就业劳动者	2022.08.01	2022.08.15	1000	1000
183	曾小红	13013319********6329	家政服务员	赵县职业技能培训学校	ZX2022104	2022年电工职业技能培训初级班		农村转移就业劳动者	2022.08.01	2022.08.15	1000	1000
184	陈振	13013319********4012	家政服务员	赵县职业技能培训学校	ZX2022104	2022年电工职业技能培训初级班		农村转移就业劳动者	2022.08.01	2022.08.15	1000	1000
185	孙宝军	13013319********9306	家政服务员	石家庄市就业训练中心	ZX2022104	2022年电工职业技能培训初级班		农村转移就业劳动者	2022.08.01	2022.08.15	1000	1000
186	林国强	13013319********5803	家政服务员	赵县职业技能培训学校	ZX2022104	2022年电工职业技能培训初级班		农村转移就业劳动者	2022.08.01	2022.08.15	1000	1000
187	唐凤	13013319********3928	育婴员	赵县职业技能培训学校	ZX2022104	2022年电工职业技能培训初级班		农村转移就业劳动者	2022.08.01	2022.08.15	1000	1000
188	袁俊杰	13013319********8045	育婴员	赵县职业技能培训学校	ZX2022104	2022年电工职业技能培训初级班		农村转移就业劳动者	2022.08.01	2022.08.15	1000	1000
189	吕丽娟	13013319********4178	育婴员	赵县职业技能培训学校	ZX2022104	2022年电工职业技能培训初级班		城镇登记失业人员	2022.08.01	2022.08.15	1000	1000
190	赵文	13013319********2367	育婴员	赵县职业技能培训学校	ZX2022104	2022年电工职业技能培训初级班		农村转移就业劳动者	2022.08.01	2022.08.15	1000	1000
191	朱素芬	13013319********7219	育婴员	赵县职业技能培训学校	ZX2022104	2022年电工职业技能培训初级班		农村转移就业劳动者	2022.08.01	2022.08.15	1000	1000
192	郑海燕	13013319********3457	育婴员	赵县职业技能培训学校	ZX2022104	2022年电工职业技能培训初级班		农村转移就业劳动者	2022.08.01	2022.08.15	1000	1000
193	于雪	13013319********1541	养老护理员	赵县职业技能培训学校	ZX2022104	2022年电工职业技能培训初级班		农村转移就业劳动者	2022.08.01	2022.08.15	1000	1000
194	许立强	13013319********6781	养老护理员	石家庄市就业训练中心	ZX2022104	2022年电工职业技能培训初级班		农村转移就业劳动者	2022.08.01	2022.08.15	1000	1000
195	李桂兰	13013319********2694	养老护理员	赵县职业技能培训学校	ZX2022104	2022年电工职业技能培训初级班		农村转移就业劳动者	2022.08.01	2022.08.15	1000	1000
196	周卫	13013319********0123	养老护理员	赵县职业技能培训学校	ZX2022104	2022年电工职业技能培训初级班		农村转移就业劳动者	2022.08.01	2022.08.15	1000	1000
197	郭秀英	13013319********5530	养老护理员	赵县职业技能培训学校	ZX2022104	2022年电工职业技能培训初级班		农村转移就业劳动者	2022.08.01	2022.08.15	1000	1000
198	宋立新	13013319********1872	养老护理员	赵县职业技能培训学校	ZX2022104	2022年电工职业技能培训初级班		城镇登记失业人员	2022.08.01	2022.08.15	1000	1000
199	萧翠	13013319********6329	电工	赵县职业技能培训学校	ZX2022104	2022年电工职业技能培训初级班		农村转移就业劳动者	2022.08.01	2022.08.15	1000	1000
200	沈志刚	13013319********4012	电工	赵县职业技能培训学校	ZX2022104	2022年电工职业技能培训初级班		城镇登记失业人员	2022.08.01	2022.08.15	1000	1000
201	刘春生	13013319********9306	电工	赵县职业技能培训学校	ZX2022104	2022年电工职业技能培训初级班		农村转移就业劳动者	2022.08.01	2022.08.15	1000	1000
202	徐建	13013319********5803	电工	赵县职业技能培训学校	ZX2022104	2022年电工职业技能培训初级班		农村转移就业劳动者	2022.08.01	2022.08.15	1000	1000
203	高红梅	13013319********3928	电工	石家庄市就业训练中心	ZX2022104	2022年电工职业技能培训初级班		农村转移就业劳动者	2022.08.01	2022.08.15	1000	1000
204	韩金凤	13013319********8045	电工	赵县职业技能培训学校	ZX2022104	2022年电工职业技能培训初级班		农村转移就业劳动者	2022.08.01	2022.08.15	1000	1000
205	曹艳	13013319********4178	焊工	赵县职业技能培训学校	ZX2022104	2022年电工职业技能培训初级班		农村转移就业劳动者	2022.08.01	2022.08.15	1000	1000
206	彭永刚	13013319********2367	焊工	赵县职业技能培训学校	ZX2022104	2022年电工职业技能培训初级班		农村转移就业劳动者	2022.08.01	2022.08.15	1000	1000
207	杨美玲	13013319********7219	焊工	赵县职业技能培训学校	ZX2022104	2022年电工职业技能培训初级班		农村转移就业劳动者	2022.08.01	2022.08.15	1000	1000
208	马建	13013319********3457	焊工	赵县职业技能培训学校	ZX2022104	2022年电工职业技能培训初级班		农村转移就业劳动者	2022.08.01	2022.08.15	1000	1000
209	罗玉兰	13013319********1541	焊工	赵县职业技能培训学校	ZX2022104	2022年电工职业技能培训初级班		城镇登记失业人员	2022.08.01	2022.08.15	1000	1000
210	冯保国	13013319********6781	焊工	赵县职业技能培训学校	ZX2022104	2022年电工职业技能培训初级班		农村转移就业劳动者	2022.08.01	2022.08.15	1000	1000
211	邓淑	13013319********2694	中式烹调师	赵县职业技能培训学校	ZX2022104	2022年电工职业技能培训初级班		城镇登记失业人员	2022.08.01	2022.08.15	1000	1000
212	王晓东	13013319********0123	中式烹调师	石家庄市就业训练中心	ZX2022104	2022年电工职业技能培训初级班		农村转移就业劳动者	2022.08.01	2022.08.15	1000	1000
213	黄小红	13013319********5530	中式烹调师	赵县职业技能培训学校	ZX2022104	2022年电工职业技能培训初级班		农村转移就业劳动者	2022.08.01	2022.08.15	1000	1000
214	胡振	13013319********1872	中式烹调师	赵县职业技能培训学校	ZX2022104	2022年电工职业技能培训初级班		农村转移就业劳动者	2022.08.01	2022.08.15	1000	1000
215	梁宝军	13013319********6329	中式烹调师	赵县职业技能培训学校	ZX2022104	2022年电工职业技能培训初级班		农村转移就业劳动者	2022.08.01	2022.08.15	1000	1000
216	董国强	13013319********4012	中式烹调师	赵县职业技能培训学校	ZX2022104	2022年电工职业技能培训初级班		农村转移就业劳动者	2022.08.01	2022.08.15	1000	1000
217	傅凤	13013319********9306	家政服务员	赵县职业技能培训学校	ZX2022104	2022年电工职业技能培训初级班		农村转移就业劳动者	2022.08.01	2022.08.15	1000	1000
218	张俊杰	13013319********5803	家政服务员	赵县职业技能培训学校	ZX2022104	2022年电工职业技能培训初级班		农村转移就业劳动者	2022.08.01	2022.08.15	1000	1000
219	吴丽娟	13013319********3928	家政服务员	赵县职业技能培训学校	ZX2022104	2022年电工职业技能培训初级班		农村转移就业劳动者	2022.08.01	2022.08.15	1000	1000
220	何文	13013319********8045	家政服务员	赵县职业技能培训学校	ZX2022104	2022年电工职业技能培训初级班		城镇登记失业人员	2022.08.01	2022.08.15	1000	1000
221	谢素芬	13013319********4178	家政服务员	石家庄市就业训练中心	ZX2022104	2022年电工职业技能培训初级班		农村转移就业劳动者	2022.08.01	2022.08.15	1000	1000
222	程海燕	13013319********2367	家政服务员	赵县职业技能培训学校	ZX2022104	2022年电工职业技能培训初级班		农村转移就业劳动者	2022.08.01	2022.08.15	1000	1000
223	曾雪	13013319********7219	育婴员	赵县职业技能培训学校	ZX2022104	2022年电工职业技能培训初级班		农村转移就业劳动者	2022.08.01	2022.08.15	1000	1000
224	陈立强	13013319********3457	育婴员	赵县职业技能培训学校	ZX2022104	2022年电工职业技能培训初级班		农村转移就业劳动者	2022.08.01	2022.08.15	1000	1000
225	孙桂兰	13013319********1541	育婴员	赵县职业技能培训学校	ZX2022104	2022年电工职业技能培训初级班		农村转移就业劳动者	2022.08.01	2022.08.15	1000	1000
226	林卫	13013319********6781	育婴员	赵县职业技能培训学校	ZX2022104	2022年电工职业技能培训初级班		农村转移就业劳动者	2022.08.01	2022.08.15	1000	1000
227	唐秀英	13013319********2694	育婴员	赵县职业技能培训学校	ZX2022104	2022年电工职业技能培训初级班		农村转移就业劳动者	2022.08.01	2022.08.15	1000	1000
228	袁立新	13013319********0123	育婴员	赵县职业技能培训学校	ZX2022104	2022年电工职业技能培训初级班		农村转移就业劳动者	2022.08.01	2022.08.15	1000	1000
229	吕翠	13013319********5530	养老护理员	赵县职业技能培训学校	ZX2022104	2022年电工职业技能培训初级班		农村转移就业劳动者	2022.08.01	2022.08.15	1000	1000
230	赵志刚	13013319********1872	养老护理员	石家庄市就业训练中心	ZX2022104	2022年电工职业技能培训初级班		农村转移就业劳动者	2022.08.01	2022.08.15	1000	1000
231	朱春生	13013319********6329	养老护理员	赵县职业技能培训学校	ZX2022104	2022年电工职业技能培训初级班		城镇登记失业人员	2022.08.01	2022.08.15	1000	1000
232	郑建	13013319********4012	养老护理员	赵县职业技能培训学校	ZX2022104	2022年电工职业技能培训初级班		农村转移就业劳动者	2022.08.01	2022.08.15	1000	1000
233	于红梅	13013319********9306	养老护理员	赵县职业技能培训学校	ZX2022104	2022年电工职业技能培训初级班		农村转移就业劳动者	2022.08.01	2022.08.15	1000	1000
234	许金凤	13013319********5803	养老护理员	赵县职业技能培训学校	ZX2022104	2022年电工职业技能培训初级班		农村转移就业劳动者	2022.08.01	2022.08.15	1000	1000
235	李艳	13013319********3928	电工	赵县职业技能培训学校	ZX2022104	2022年电工职业技能培训初级班		农村转移就业劳动者	2022.08.01	2022.08.15	1000	1000
236	周永刚	13013319********8045	电工	赵县职业技能培训学校	ZX2022104	2022年电工职业技能培训初级班		农村转移就业劳动者	2022.08.01	2022.08.15	1000	1000
237	郭美玲	13013319********4178	电工	赵县职业技能培训学校	ZX2022104	2022年电工职业技能培训初级班		农村转移就业劳动者	2022.08.01	2022.08.15	1000	1000
238	宋建	13013319********2367	电工	赵县职业技能培训学校	ZX2022104	2022年电工职业技能培训初级班		农村转移就业劳动者	2022.08.01	2022.08.15	1000	1000
239	萧玉兰	13013319********7219	电工	石家庄市就业训练中心	ZX2022104	2022年电工职业技能培训初级班		农村转移就业劳动者	2022.08.01	2022.08.15	1000	1000
240	沈保国	13013319********3457	电工	赵县职业技能培训学校	ZX2022104	2022年电工职业技能培训初级班		城镇登记失业人员	2022.08.01	2022.08.15	1000	1000
241	刘淑	13013319********1541	焊工	赵县职业技能培训学校	ZX2022105	2022年焊工职业技能培训中级班		农村转移就业劳动者	2022.05.09	2022.05.23	1000	1000
242	徐晓东	13013319********6781	焊工	赵县职业技能培训学校	ZX2022105	2022年焊工职业技能培训中级班		城镇登记失业人员	2022.05.09	2022.05.23	1000	1000
243	高小红	13013319********2694	焊工	赵县职业技能培训学校	ZX2022105	2022年焊工职业技能培训中级班		农村转移就业劳动者	2022.05.09	2022.05.23	1000	1000
244	韩振	13013319********0123	焊工	赵县职业技能培训学校	ZX2022105	2022年焊工职业技能培训中级班		农村转移就业劳动者	2022.05.09	2022.05.23	1000	1000
245	曹宝军	13013319********5530	焊工	赵县职业技能培训学校	ZX2022105	2022年焊工职业技能培训中级班		农村转移就业劳动者	2022.05.09	2022.05.23	1000	1000
246	彭国强	13013319********1872	焊工	赵县职业技能培训学校	ZX2022105	2022年焊工职业技能培训中级班		农村转移就业劳动者	2022.05.09	2022.05.23	1000	1000
247	杨凤	13013319********6329	中式烹调师	赵县职业技能培训学校	ZX2022105	2022年焊工职业技能培训中级班		农村转移就业劳动者	2022.05.09	2022.05.23	1000	1000
248	马俊杰	13013319********4012	中式烹调师	石家庄市就业训练中心	ZX2022105	2022年焊工职业技能培训中级班		农村转移就业劳动者	2022.05.09	2022.05.23	1000	1000
249	罗丽娟	13013319********9306	中式烹调师	赵县职业技能培训学校	ZX2022105	2022年焊工职业技能培训中级班		农村转移就业劳动者	2022.05.09	2022.05.23	1000	1000
250	冯文	13013319********5803	中式烹调师	赵县职业技能培训学校	ZX2022105	2022年焊工职业技能培训中级班		农村转移就业劳动者	2022.05.09	2022.05.23	1000	1000
251	邓素芬	13013319********3928	中式烹调师	赵县职业技能培训学校	ZX2022105	2022年焊工职业技能培训中级班		城镇登记失业人员	2022.05.09	2022.05.23	1000	1000
252	王海燕	13013319********8045	中式烹调师	赵县职业技能培训学校	ZX2022105	2022年焊工职业技能培训中级班		农村转移就业劳动者	2022.05.09	2022.05.23	1000	1000
253	黄雪	13013319********4178	家政服务员	赵县职业技能培训学校	ZX2022105	2022年焊工职业技能培训中级班		城镇登记失业人员	2022.05.09	2022.05.23	1000	1000
254	胡立强	13013319********2367	家政服务员	赵县职业技能培训学校	ZX2022105	2022年焊工职业技能培训中级班		农村转移就业劳动者	2022.05.09	2022.05.23	1000	1000
255	梁桂兰	13013319********7219	家政服务员	赵县职业技能培训学校	ZX2022105	2022年焊工职业技能培训中级班		农村转移就业劳动者	2022.05.09	2022.05.23	1000	1000
256	董卫	13013319********3457	家政服务员	赵县职业技能培训学校	ZX2022105	2022年焊工职业技能培训中级班		农村转移就业劳动者	2022.05.09	2022.05.23	1000	1000
257	傅秀英	13013319********1541	家政服务员	石家庄市就业训练中心	ZX2022105	2022年焊工职业技能培训中级班		农村转移就业劳动者	2022.05.09	2022.05.23	1000	1000
258	张立新	13013319********6781	家政服务员	赵县职业技能培训学校	ZX2022105	2022年焊工职业技能培训中级班		农村转移就业劳动者	2022.05.09	2022.05.23	1000	1000
259	吴翠	13013319********2694	育婴员	赵县职业技能培训学校	ZX2022105	2022年焊工职业技能培训中级班		农村转移就业劳动者	2022.05.09	2022.05.23	1000	1000
260	何志刚	13013319********0123	育婴员	赵县职业技能培训学校	ZX2022105	2022年焊工职业技能培训中级班		农村转移就业劳动者	2022.05.09	2022.05.23	1000	1000
261	谢春生	13013319********5530	育婴员	赵县职业技能培训学校	ZX2022105	2022年焊工职业技能培训中级班		农村转移就业劳动者	2022.05.09	2022.05.23	1000	1000
262	程建	13013319********1872	育婴员	赵县职业技能培训学校	ZX2022105	2022年焊工职业技能培训中级班		城镇登记失业人员	2022.05.09	2022.05.23	1000	1000
263	曾红梅	13013319********6329	育婴员	赵县职业技能培训学校	ZX2022105	2022年焊工职业技能培训中级班		农村转移就业劳动者	2022.05.09	2022.05.23	1000	1000
264	陈金凤	13013319********4012	育婴员	赵县职业技能培训学校	ZX2022105	2022年焊工职业技能培训中级班		农村转移就业劳动者	2022.05.09	2022.05.23	1000	1000
265	孙艳	13013319********9306	养老护理员	赵县职业技能培训学校	ZX2022105	2022年焊工职业技能培训中级班		农村转移就业劳动者	2022.05.09	2022.05.23	1000	1000
266	林永刚	13013319********5803	养老护理员	石家庄市就业训练中心	ZX2022105	2022年焊工职业技能培训中级班		农村转移就业劳动者	2022.05.09	2022.05.23	1000	1000
267	唐美玲	13013319********3928	养老护理员	赵县职业技能培训学校	ZX2022105	2022年焊工职业技能培训中级班		农村转移就业劳动者	2022.05.09	2022.05.23	1000	1000
268	袁建	13013319********8045	养老护理员	赵县职业技能培训学校	ZX2022105	2022年焊工职业技能培训中级班		农村转移就业劳动者	2022.05.09	2022.05.23	1000	1000
269	吕玉兰	13013319********4178	养老护理员	赵县职业技能培训学校	ZX2022105	2022年焊工职业技能培训中级班		农村转移就业劳动者	2022.05.09	2022.05.23	1000	1000
270	赵保国	13013319********2367	养老护理员	赵县职业技能培训学校	ZX2022105	2022年焊工职业技能培训中级班		农村转移就业劳动者	2022.05.09	2022.05.23	1000	1000
271	朱淑	13013319********7219	电工	赵县职业技能培训学校	ZX2022105	2022年焊工职业技能培训中级班		农村转移就业劳动者	2022.05.09	2022.05.23	1000	1000
272	郑晓东	13013319********3457	电工	赵县职业技能培训学校	ZX2022105	2022年焊工职业技能培训中级班		农村转移就业劳动者	2022.05.09	2022.05.23	1000	1000
273	于小红	13013319********1541	电工	赵县职业技能培训学校	ZX2022105	2022年焊工职业技能培训中级班		城镇登记失业人员	2022.05.09	2022.05.23	1000	1000
274	许振	13013319********6781	电工	赵县职业技能培训学校	ZX2022105	2022年焊工职业技能培训中级班		农村转移就业劳动者	2022.05.09	2022.05.23	1000	1000
275	李宝军	13013319********2694	电工	石家庄市就业训练中心	ZX2022105	2022年焊工职业技能培训中级班		农村转移就业劳动者	2022.05.09	2022.05.23	1000	1000
276	周国强	13013319********0123	电工	赵县职业技能培训学校	ZX2022105	2022年焊工职业技能培训中级班		农村转移就业劳动者	2022.05.09	2022.05.23	1000	1000
277	郭凤	13013319********5530	焊工	赵县职业技能培训学校	ZX2022105	2022年焊工职业技能培训中级班		农村转移就业劳动者	2022.05.09	2022.05.23	1000	1000
278	宋俊杰	13013319********1872	焊工	赵县职业技能培训学校	ZX2022105	2022年焊工职业技能培训中级班		农村转移就业劳动者	2022.05.09	2022.05.23	1000	1000
279	萧丽娟	13013319********6329	焊工	赵县职业技能培训学校	ZX2022105	2022年焊工职业技能培训中级班		农村转移就业劳动者	2022.05.09	2022.05.23	1000	1000
280	沈文	13013319********4012	焊工	赵县职业技能培训学校	ZX2022105	2022年焊工职业技能培训中级班		农村转移就业劳动者	2022.05.09	2022.05.23	1000	1000
281	刘素芬	13013319********9306	焊工	赵县职业技能培训学校	ZX2022105	2022年焊工职业技能培训中级班		农村转移就业劳动者	2022.05.09	2022.05.23	1000	1000
282	徐海燕	13013319********5803	焊工	赵县职业技能培训学校	ZX2022105	2022年焊工职业技能培训中级班		城镇登记失业人员	2022.05.09	2022.05.23	1000	1000
283	高雪	13013319********3928	中式烹调师	赵县职业技能培训学校	ZX2022105	2022年焊工职业技能培训中级班		农村转移就业劳动者	2022.05.09	2022.05.23	1000	1000
284	韩立强	13013319********8045	中式烹调师	石家庄市就业训练中心	ZX2022105	2022年焊工职业技能培训中级班		城镇登记失业人员	2022.05.09	2022.05.23	1000	1000
285	曹桂兰	13013319********4178	中式烹调师	赵县职业技能培训学校	ZX2022105	2022年焊工职业技能培训中级班		农村转移就业劳动者	2022.05.09	2022.05.23	1000	1000
286	彭卫	13013319********2367	中式烹调师	赵县职业技能培训学校	ZX2022105	2022年焊工职业技能培训中级班		农村转移就业劳动者	2022.05.09	2022.05.23	1000	1000
287	杨秀英	13013319********7219	中式烹调师	赵县职业技能培训学校	ZX2022105	2022年焊工职业技能培训中级班		农村转移就业劳动者	2022.05.09	2022.05.23	1000	1000
288	马立新	13013319********3457	中式烹调师	赵县职业技能培训学校	ZX2022105	2022年焊工职业技能培训中级班		农村转移就业劳动者	2022.05.09	2022.05.23	1000	1000
289	罗翠	13013319********1541	家政服务员	赵县职业技能培训学校	ZX2022105	2022年焊工职业技能培训中级班		农村转移就业劳动者	2022.05.09	2022.05.23	1000	1000
290	冯志刚	13013319********6781	家政服务员	赵县职业技能培训学校	ZX2022105	2022年焊工职业技能培训中级班		农村转移就业劳动者	2022.05.09	2022.05.23	1000	1000
